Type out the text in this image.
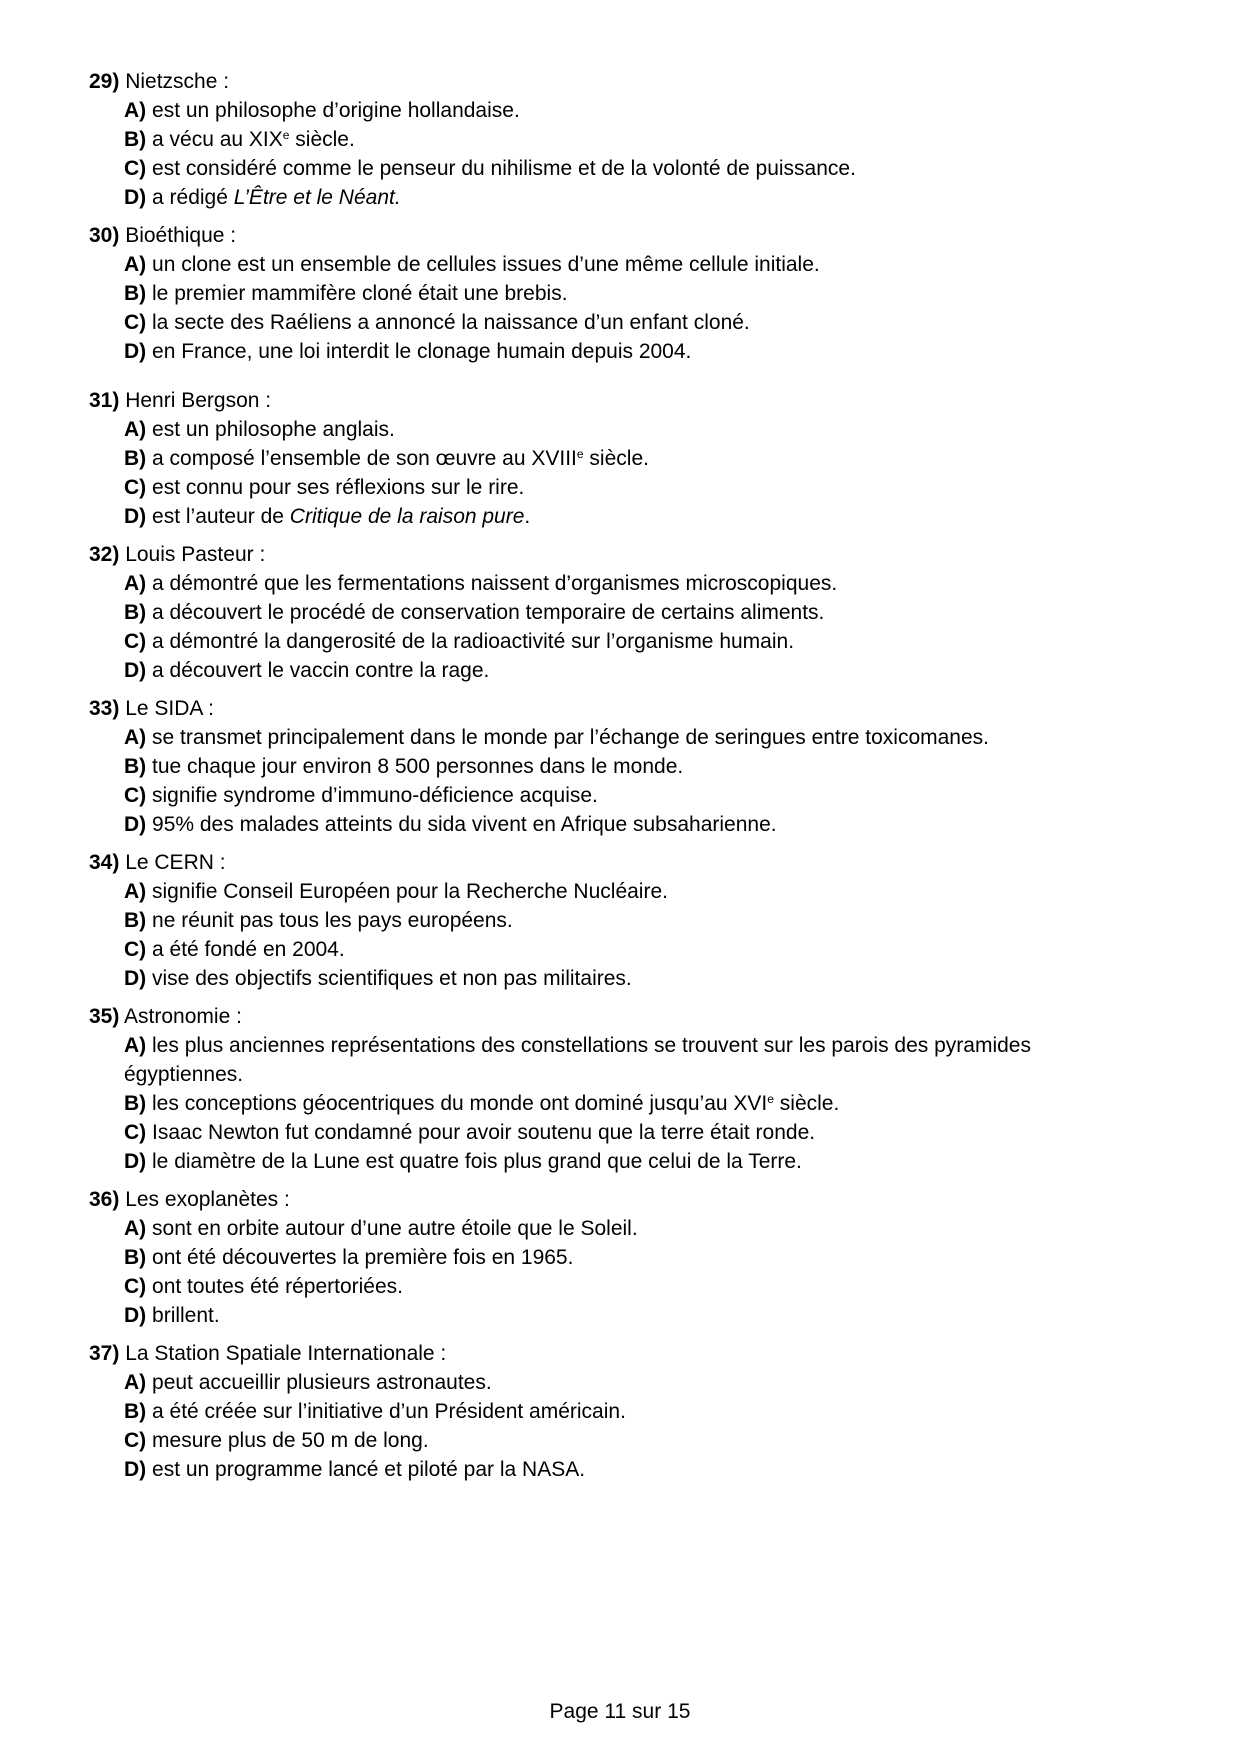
29) Nietzsche :
A) est un philosophe d’origine hollandaise.
B) a vécu au XIXe siècle.
C) est considéré comme le penseur du nihilisme et de la volonté de puissance.
D) a rédigé L’Être et le Néant.
30) Bioéthique :
A) un clone est un ensemble de cellules issues d’une même cellule initiale.
B) le premier mammifère cloné était une brebis.
C) la secte des Raéliens a annoncé la naissance d’un enfant cloné.
D) en France, une loi interdit le clonage humain depuis 2004.
31) Henri Bergson :
A) est un philosophe anglais.
B) a composé l’ensemble de son œuvre au XVIIIe siècle.
C) est connu pour ses réflexions sur le rire.
D) est l’auteur de Critique de la raison pure.
32) Louis Pasteur :
A) a démontré que les fermentations naissent d’organismes microscopiques.
B) a découvert le procédé de conservation temporaire de certains aliments.
C) a démontré la dangerosité de la radioactivité sur l’organisme humain.
D) a découvert le vaccin contre la rage.
33) Le SIDA :
A) se transmet principalement dans le monde par l’échange de seringues entre toxicomanes.
B) tue chaque jour environ 8 500 personnes dans le monde.
C) signifie syndrome d’immuno-déficience acquise.
D) 95% des malades atteints du sida vivent en Afrique subsaharienne.
34) Le CERN :
A) signifie Conseil Européen pour la Recherche Nucléaire.
B) ne réunit pas tous les pays européens.
C) a été fondé en 2004.
D) vise des objectifs scientifiques et non pas militaires.
35) Astronomie :
A) les plus anciennes représentations des constellations se trouvent sur les parois des pyramides égyptiennes.
B) les conceptions géocentriques du monde ont dominé jusqu’au XVIe siècle.
C) Isaac Newton fut condamné pour avoir soutenu que la terre était ronde.
D) le diamètre de la Lune est quatre fois plus grand que celui de la Terre.
36) Les exoplanètes :
A) sont en orbite autour d’une autre étoile que le Soleil.
B) ont été découvertes la première fois en 1965.
C) ont toutes été répertoriées.
D) brillent.
37) La Station Spatiale Internationale :
A) peut accueillir plusieurs astronautes.
B) a été créée sur l’initiative d’un Président américain.
C) mesure plus de 50 m de long.
D) est un programme lancé et piloté par la NASA.
Page 11 sur 15
